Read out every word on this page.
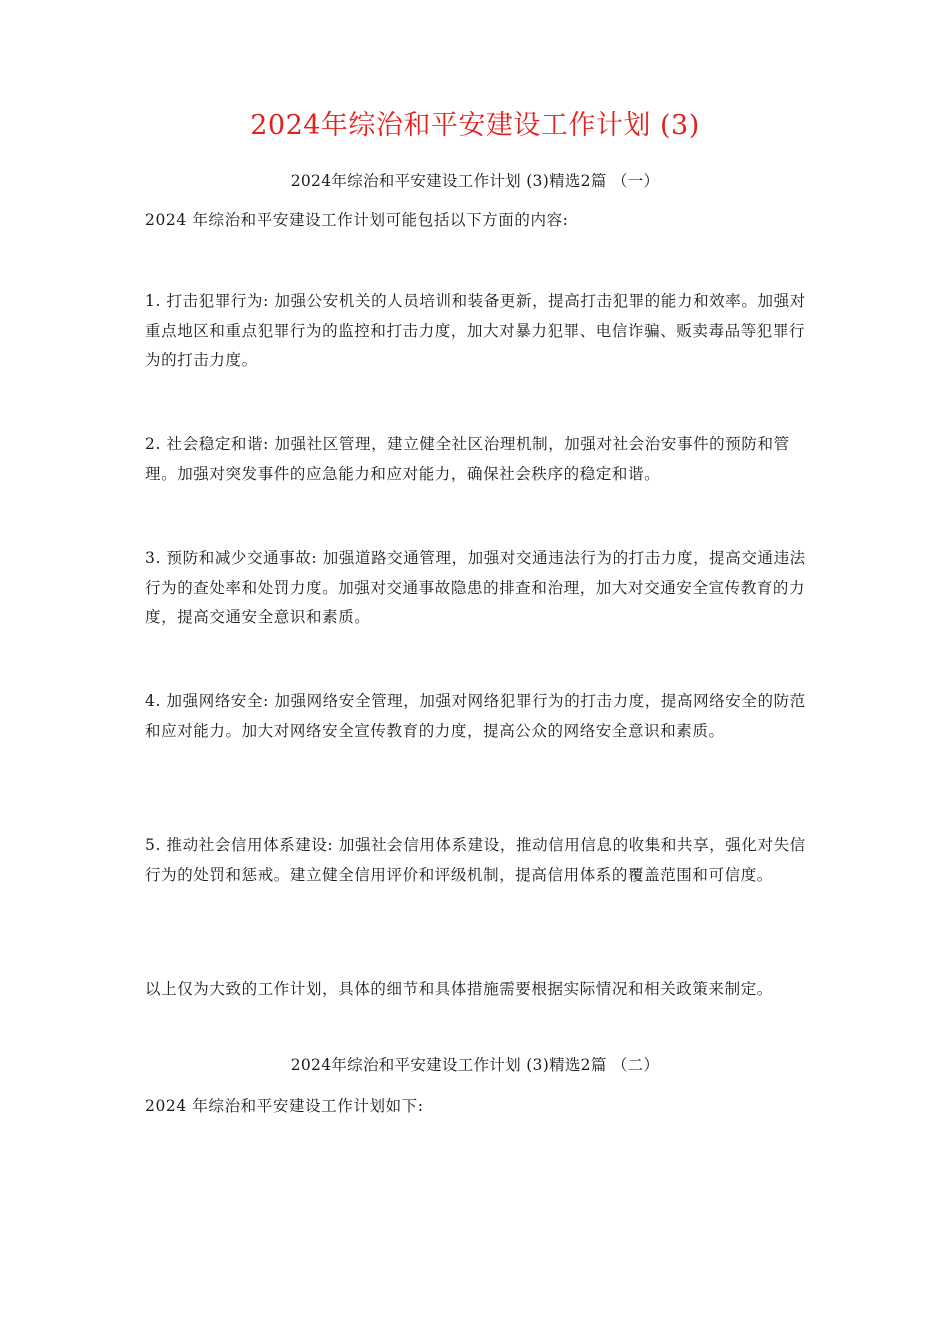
2024年综治和平安建设工作计划 (3)
2024年综治和平安建设工作计划 (3)精选2篇 （一）

2024 年综治和平安建设工作计划可能包括以下方面的内容:

1. 打击犯罪行为: 加强公安机关的人员培训和装备更新，提高打击犯罪的能力和效率。加强对重点地区和重点犯罪行为的监控和打击力度，加大对暴力犯罪、电信诈骗、贩卖毒品等犯罪行为的打击力度。

2. 社会稳定和谐: 加强社区管理，建立健全社区治理机制，加强对社会治安事件的预防和管理。加强对突发事件的应急能力和应对能力，确保社会秩序的稳定和谐。

3. 预防和减少交通事故: 加强道路交通管理，加强对交通违法行为的打击力度，提高交通违法行为的查处率和处罚力度。加强对交通事故隐患的排查和治理，加大对交通安全宣传教育的力度，提高交通安全意识和素质。

4. 加强网络安全: 加强网络安全管理，加强对网络犯罪行为的打击力度，提高网络安全的防范和应对能力。加大对网络安全宣传教育的力度，提高公众的网络安全意识和素质。

5. 推动社会信用体系建设: 加强社会信用体系建设，推动信用信息的收集和共享，强化对失信行为的处罚和惩戒。建立健全信用评价和评级机制，提高信用体系的覆盖范围和可信度。

以上仅为大致的工作计划，具体的细节和具体措施需要根据实际情况和相关政策来制定。

2024年综治和平安建设工作计划 (3)精选2篇 （二）

2024 年综治和平安建设工作计划如下:
